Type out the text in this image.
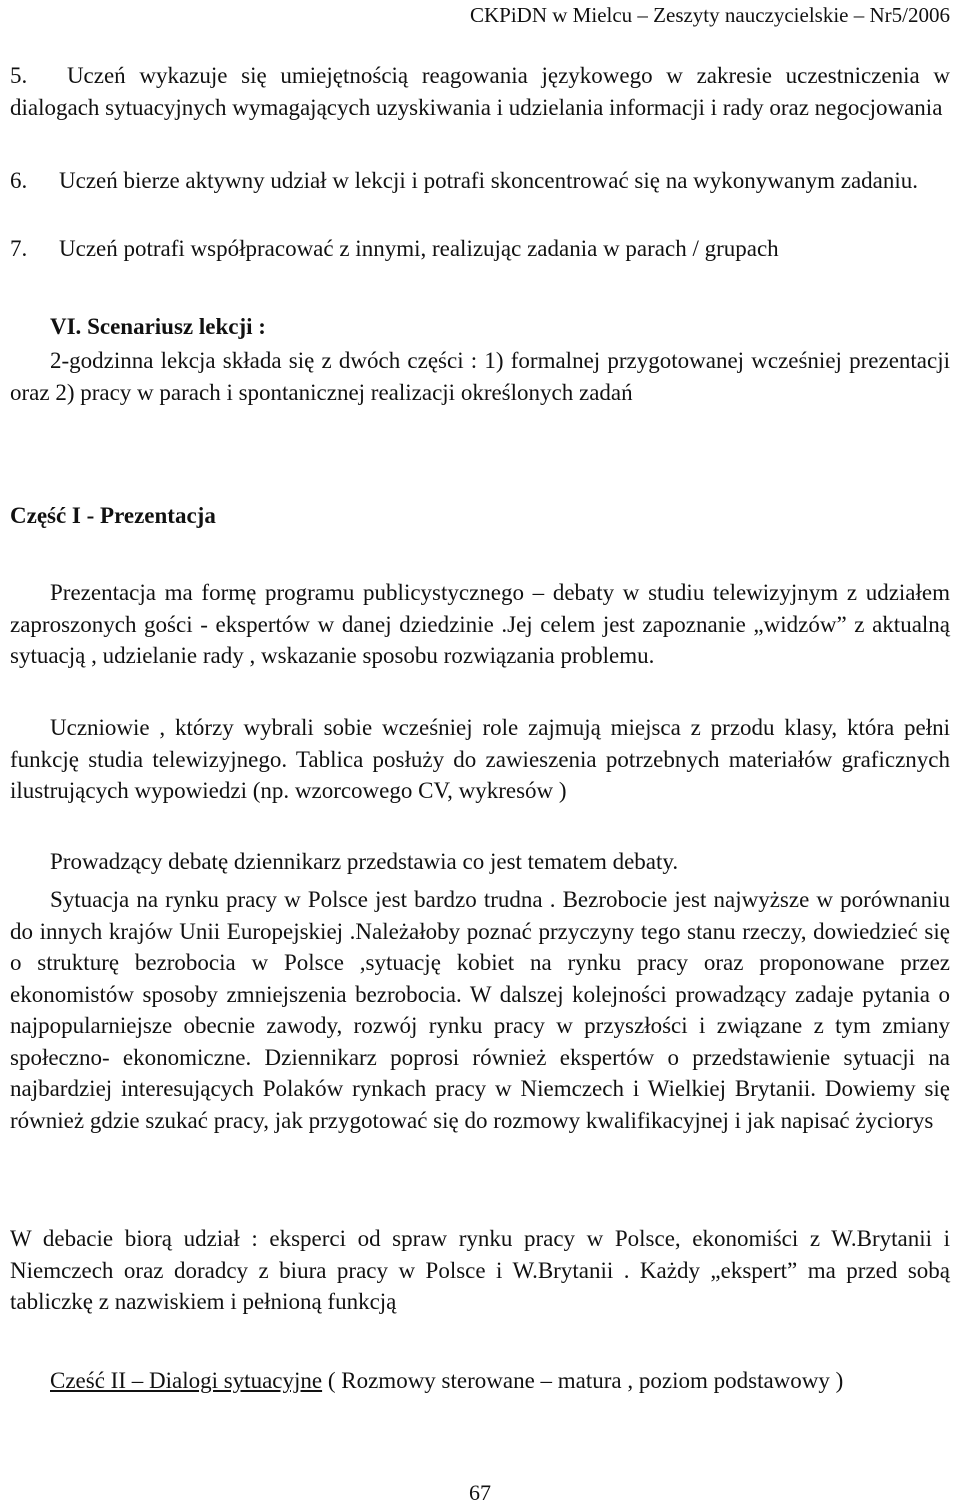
CKPiDN w Mielcu – Zeszyty nauczycielskie – Nr5/2006

5. Uczeń wykazuje się umiejętnością reagowania językowego w zakresie uczestniczenia w dialogach sytuacyjnych wymagających uzyskiwania i udzielania informacji i rady oraz negocjowania

6. Uczeń bierze aktywny udział w lekcji i potrafi skoncentrować się na wykonywanym zadaniu.

7. Uczeń potrafi współpracować z innymi, realizując zadania w parach / grupach

VI. Scenariusz lekcji :

2-godzinna lekcja składa się z dwóch części : 1) formalnej przygotowanej wcześniej prezentacji oraz 2) pracy w parach i spontanicznej realizacji określonych zadań

Część I - Prezentacja

Prezentacja ma formę programu publicystycznego – debaty w studiu telewizyjnym z udziałem zaproszonych gości - ekspertów w danej dziedzinie .Jej celem jest zapoznanie „widzów” z aktualną sytuacją , udzielanie rady , wskazanie sposobu rozwiązania problemu.

Uczniowie , którzy wybrali sobie wcześniej role zajmują miejsca z przodu klasy, która pełni funkcję studia telewizyjnego. Tablica posłuży do zawieszenia potrzebnych materiałów graficznych ilustrujących wypowiedzi (np. wzorcowego CV, wykresów )

Prowadzący debatę dziennikarz przedstawia co jest tematem debaty.

Sytuacja na rynku pracy w Polsce jest bardzo trudna . Bezrobocie jest najwyższe w porównaniu do innych krajów Unii Europejskiej .Należałoby poznać przyczyny tego stanu rzeczy, dowiedzieć się o strukturę bezrobocia w Polsce ,sytuację kobiet na rynku pracy oraz proponowane przez ekonomistów sposoby zmniejszenia bezrobocia. W dalszej kolejności prowadzący zadaje pytania o najpopularniejsze obecnie zawody, rozwój rynku pracy w przyszłości i związane z tym zmiany społeczno- ekonomiczne. Dziennikarz poprosi również ekspertów o przedstawienie sytuacji na najbardziej interesujących Polaków rynkach pracy w Niemczech i Wielkiej Brytanii. Dowiemy się również gdzie szukać pracy, jak przygotować się do rozmowy kwalifikacyjnej i jak napisać życiorys

W debacie biorą udział : eksperci od spraw rynku pracy w Polsce, ekonomiści z W.Brytanii i Niemczech oraz doradcy z biura pracy w Polsce i W.Brytanii . Każdy „ekspert” ma przed sobą tabliczkę z nazwiskiem i pełnioną funkcją

Cześć II – Dialogi sytuacyjne ( Rozmowy sterowane – matura , poziom podstawowy )

67
